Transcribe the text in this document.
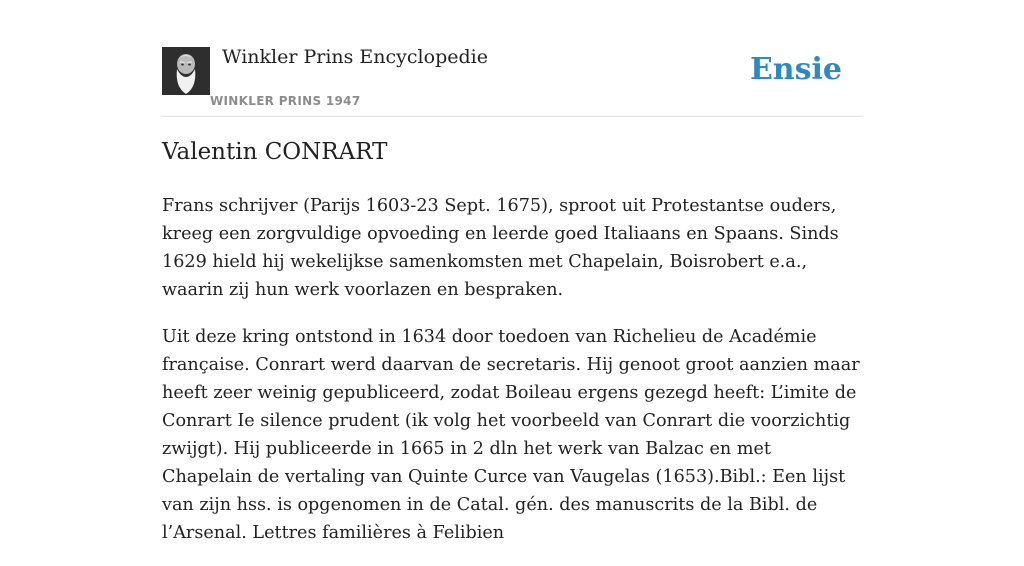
Winkler Prins Encyclopedie
WINKLER PRINS 1947
Ensie
Valentin CONRART

Frans schrijver (Parijs 1603-23 Sept. 1675), sproot uit Protestantse ouders, kreeg een zorgvuldige opvoeding en leerde goed Italiaans en Spaans. Sinds 1629 hield hij wekelijkse samenkomsten met Chapelain, Boisrobert e.a., waarin zij hun werk voorlazen en bespraken.

Uit deze kring ontstond in 1634 door toedoen van Richelieu de Académie française. Conrart werd daarvan de secretaris. Hij genoot groot aanzien maar heeft zeer weinig gepubliceerd, zodat Boileau ergens gezegd heeft: L’imite de Conrart Ie silence prudent (ik volg het voorbeeld van Conrart die voorzichtig zwijgt). Hij publiceerde in 1665 in 2 dln het werk van Balzac en met Chapelain de vertaling van Quinte Curce van Vaugelas (1653).Bibl.: Een lijst van zijn hss. is opgenomen in de Catal. gén. des manuscrits de la Bibl. de l’Arsenal. Lettres familières à Felibien
